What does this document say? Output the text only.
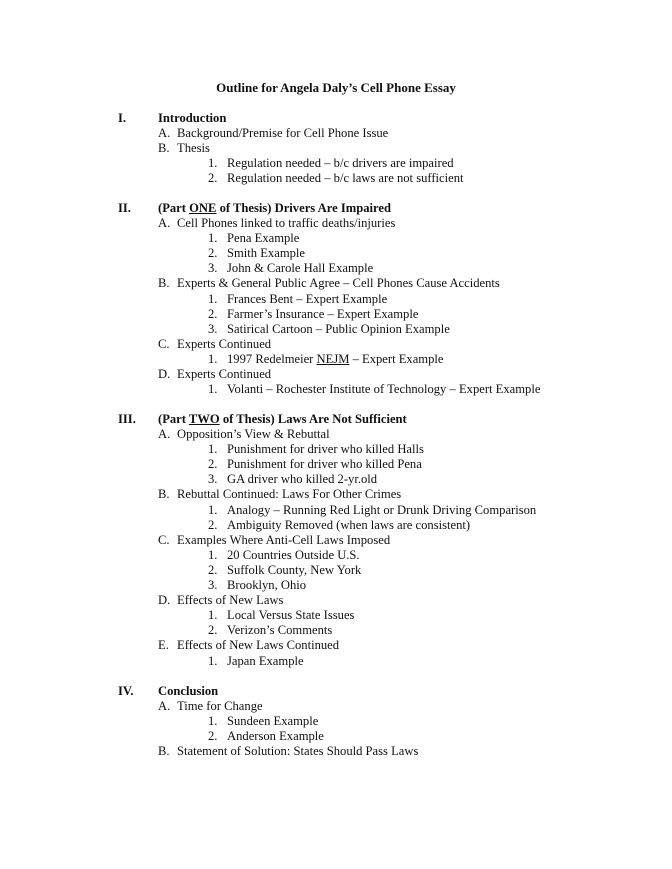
Outline for Angela Daly’s Cell Phone Essay
I.	Introduction
A. Background/Premise for Cell Phone Issue
B. Thesis
1. Regulation needed – b/c drivers are impaired
2. Regulation needed – b/c laws are not sufficient
II. (Part ONE of Thesis) Drivers Are Impaired
A. Cell Phones linked to traffic deaths/injuries
1. Pena Example
2. Smith Example
3. John & Carole Hall Example
B. Experts & General Public Agree – Cell Phones Cause Accidents
1. Frances Bent – Expert Example
2. Farmer’s Insurance – Expert Example
3. Satirical Cartoon – Public Opinion Example
C. Experts Continued
1. 1997 Redelmeier NEJM – Expert Example
D. Experts Continued
1. Volanti – Rochester Institute of Technology – Expert Example
III. (Part TWO of Thesis) Laws Are Not Sufficient
A. Opposition’s View & Rebuttal
1. Punishment for driver who killed Halls
2. Punishment for driver who killed Pena
3. GA driver who killed 2-yr.old
B. Rebuttal Continued: Laws For Other Crimes
1. Analogy – Running Red Light or Drunk Driving Comparison
2. Ambiguity Removed (when laws are consistent)
C. Examples Where Anti-Cell Laws Imposed
1. 20 Countries Outside U.S.
2. Suffolk County, New York
3. Brooklyn, Ohio
D. Effects of New Laws
1. Local Versus State Issues
2. Verizon’s Comments
E. Effects of New Laws Continued
1. Japan Example
IV. Conclusion
A. Time for Change
1. Sundeen Example
2. Anderson Example
B. Statement of Solution: States Should Pass Laws
